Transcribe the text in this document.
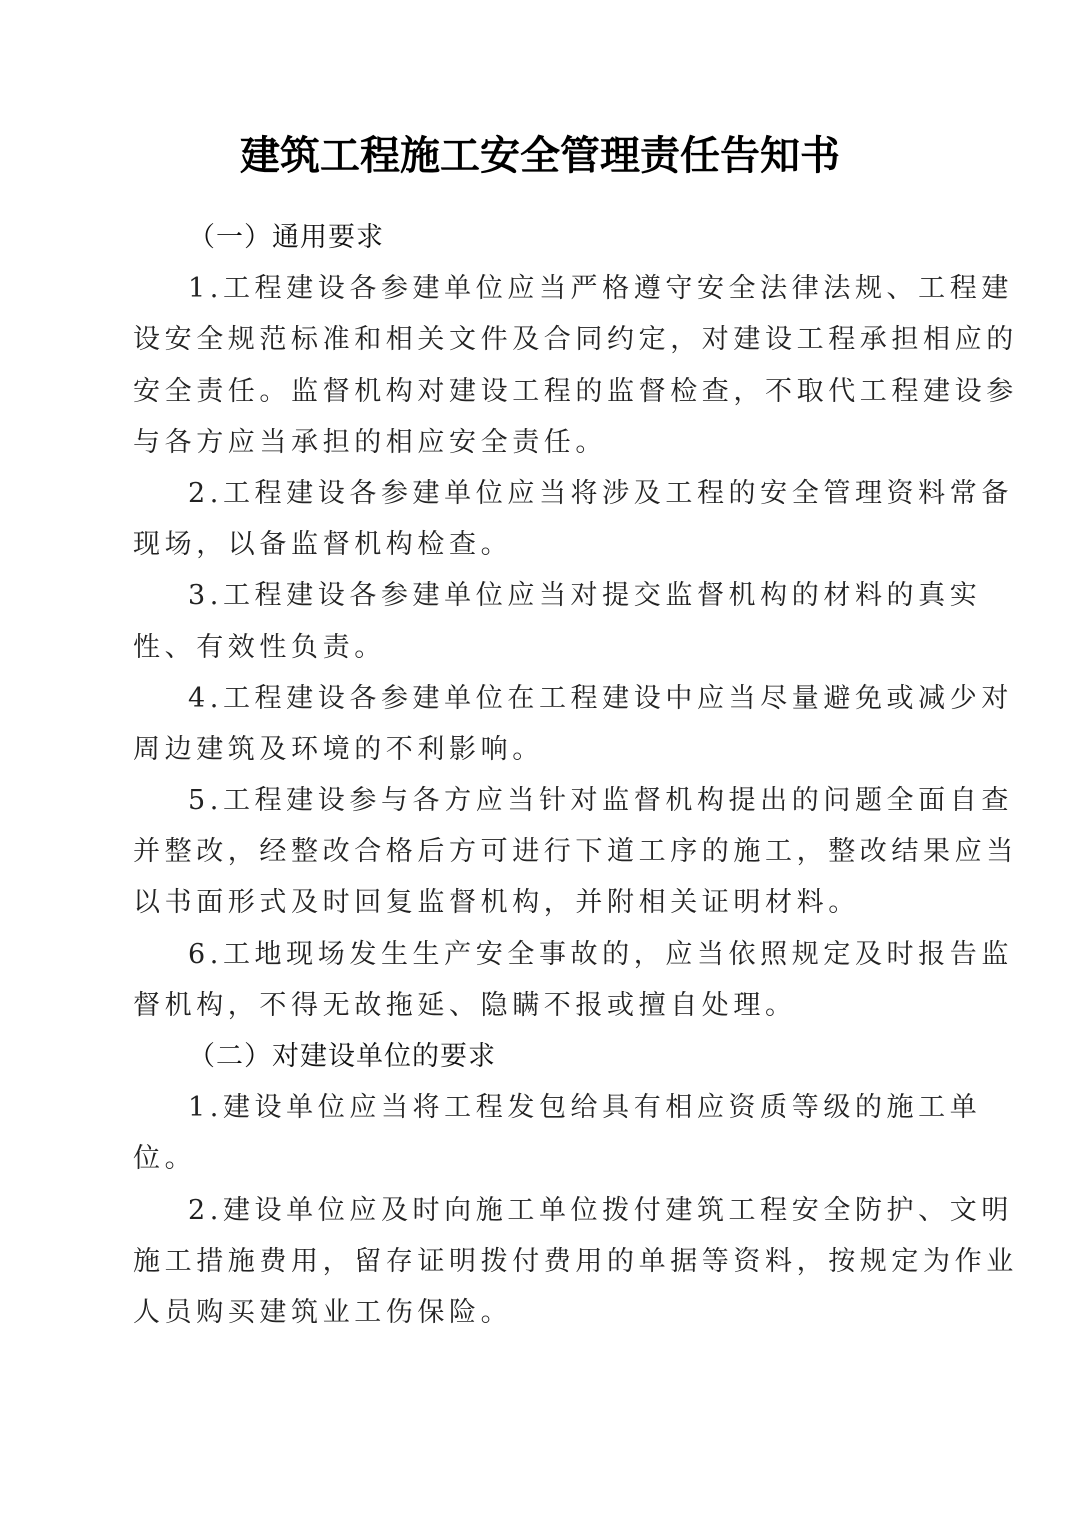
建筑工程施工安全管理责任告知书
（一）通用要求
1.工程建设各参建单位应当严格遵守安全法律法规、工程建
设安全规范标准和相关文件及合同约定，对建设工程承担相应的
安全责任。监督机构对建设工程的监督检查，不取代工程建设参
与各方应当承担的相应安全责任。
2.工程建设各参建单位应当将涉及工程的安全管理资料常备
现场，以备监督机构检查。
3.工程建设各参建单位应当对提交监督机构的材料的真实
性、有效性负责。
4.工程建设各参建单位在工程建设中应当尽量避免或减少对
周边建筑及环境的不利影响。
5.工程建设参与各方应当针对监督机构提出的问题全面自查
并整改，经整改合格后方可进行下道工序的施工，整改结果应当
以书面形式及时回复监督机构，并附相关证明材料。
6.工地现场发生生产安全事故的，应当依照规定及时报告监
督机构，不得无故拖延、隐瞒不报或擅自处理。
（二）对建设单位的要求
1.建设单位应当将工程发包给具有相应资质等级的施工单
位。
2.建设单位应及时向施工单位拨付建筑工程安全防护、文明
施工措施费用，留存证明拨付费用的单据等资料，按规定为作业
人员购买建筑业工伤保险。
